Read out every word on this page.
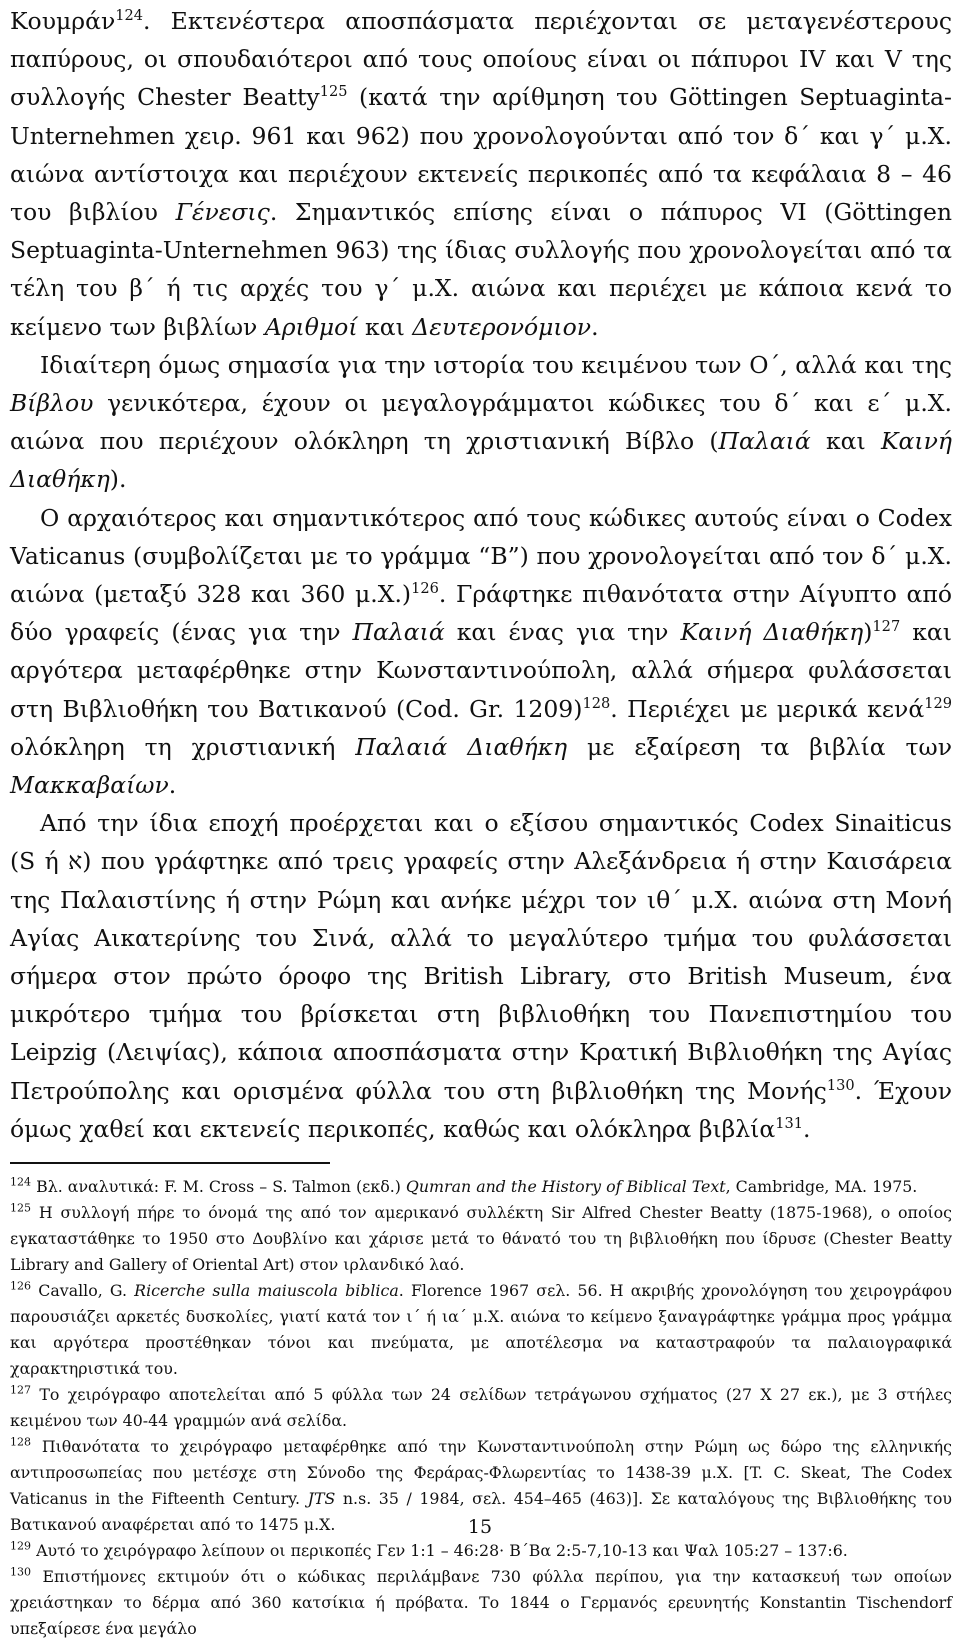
Κουμράν$^{124}$. Εκτενέστερα αποσπάσματα περιέχονται σε μεταγενέστερους παπύρους, οι σπουδαιότεροι από τους οποίους είναι οι πάπυροι IV και V της συλλογής Chester Beatty$^{125}$ (κατά την αρίθμηση του Göttingen Septuaginta-Unternehmen χειρ. 961 και 962) που χρονολογούνται από τον δ΄ και γ΄ μ.Χ. αιώνα αντίστοιχα και περιέχουν εκτενείς περικοπές από τα κεφάλαια 8 – 46 του βιβλίου Γένεσις. Σημαντικός επίσης είναι ο πάπυρος VI (Göttingen Septuaginta-Unternehmen 963) της ίδιας συλλογής που χρονολογείται από τα τέλη του β΄ ή τις αρχές του γ΄ μ.Χ. αιώνα και περιέχει με κάποια κενά το κείμενο των βιβλίων Αριθμοί και Δευτερονόμιον.

Ιδιαίτερη όμως σημασία για την ιστορία του κειμένου των Ο΄, αλλά και της Βίβλου γενικότερα, έχουν οι μεγαλογράμματοι κώδικες του δ΄ και ε΄ μ.Χ. αιώνα που περιέχουν ολόκληρη τη χριστιανική Βίβλο (Παλαιά και Καινή Διαθήκη).

Ο αρχαιότερος και σημαντικότερος από τους κώδικες αυτούς είναι ο Codex Vaticanus (συμβολίζεται με το γράμμα “B”) που χρονολογείται από τον δ΄ μ.Χ. αιώνα (μεταξύ 328 και 360 μ.Χ.)$^{126}$. Γράφτηκε πιθανότατα στην Αίγυπτο από δύο γραφείς (ένας για την Παλαιά και ένας για την Καινή Διαθήκη)$^{127}$ και αργότερα μεταφέρθηκε στην Κωνσταντινούπολη, αλλά σήμερα φυλάσσεται στη Βιβλιοθήκη του Βατικανού (Cod. Gr. 1209)$^{128}$. Περιέχει με μερικά κενά$^{129}$ ολόκληρη τη χριστιανική Παλαιά Διαθήκη με εξαίρεση τα βιβλία των Μακκαβαίων.

Από την ίδια εποχή προέρχεται και ο εξίσου σημαντικός Codex Sinaiticus (S ή א) που γράφτηκε από τρεις γραφείς στην Αλεξάνδρεια ή στην Καισάρεια της Παλαιστίνης ή στην Ρώμη και ανήκε μέχρι τον ιθ΄ μ.Χ. αιώνα στη Μονή Αγίας Αικατερίνης του Σινά, αλλά το μεγαλύτερο τμήμα του φυλάσσεται σήμερα στον πρώτο όροφο της British Library, στο British Museum, ένα μικρότερο τμήμα του βρίσκεται στη βιβλιοθήκη του Πανεπιστημίου του Leipzig (Λειψίας), κάποια αποσπάσματα στην Κρατική Βιβλιοθήκη της Αγίας Πετρούπολης και ορισμένα φύλλα του στη βιβλιοθήκη της Μονής$^{130}$. Έχουν όμως χαθεί και εκτενείς περικοπές, καθώς και ολόκληρα βιβλία$^{131}$.

$^{124}$ Βλ. αναλυτικά: F. M. Cross – S. Talmon (εκδ.) Qumran and the History of Biblical Text, Cambridge, MA. 1975.

$^{125}$ Η συλλογή πήρε το όνομά της από τον αμερικανό συλλέκτη Sir Alfred Chester Beatty (1875-1968), ο οποίος εγκαταστάθηκε το 1950 στο Δουβλίνο και χάρισε μετά το θάνατό του τη βιβλιοθήκη που ίδρυσε (Chester Beatty Library and Gallery of Oriental Art) στον ιρλανδικό λαό.

$^{126}$ Cavallo, G. Ricerche sulla maiuscola biblica. Florence 1967 σελ. 56. Η ακριβής χρονολόγηση του χειρογράφου παρουσιάζει αρκετές δυσκολίες, γιατί κατά τον ι΄ ή ια΄ μ.Χ. αιώνα το κείμενο ξαναγράφτηκε γράμμα προς γράμμα και αργότερα προστέθηκαν τόνοι και πνεύματα, με αποτέλεσμα να καταστραφούν τα παλαιογραφικά χαρακτηριστικά του.

$^{127}$ Το χειρόγραφο αποτελείται από 5 φύλλα των 24 σελίδων τετράγωνου σχήματος (27 Χ 27 εκ.), με 3 στήλες κειμένου των 40-44 γραμμών ανά σελίδα.

$^{128}$ Πιθανότατα το χειρόγραφο μεταφέρθηκε από την Κωνσταντινούπολη στην Ρώμη ως δώρο της ελληνικής αντιπροσωπείας που μετέσχε στη Σύνοδο της Φεράρας-Φλωρεντίας το 1438-39 μ.Χ. [T. C. Skeat, The Codex Vaticanus in the Fifteenth Century. JTS n.s. 35 / 1984, σελ. 454–465 (463)]. Σε καταλόγους της Βιβλιοθήκης του Βατικανού αναφέρεται από το 1475 μ.Χ.

$^{129}$ Αυτό το χειρόγραφο λείπουν οι περικοπές Γεν 1:1 – 46:28· Β΄Βα 2:5-7,10-13 και Ψαλ 105:27 – 137:6.

$^{130}$ Επιστήμονες εκτιμούν ότι ο κώδικας περιλάμβανε 730 φύλλα περίπου, για την κατασκευή των οποίων χρειάστηκαν το δέρμα από 360 κατσίκια ή πρόβατα. Το 1844 ο Γερμανός ερευνητής Konstantin Tischendorf υπεξαίρεσε ένα μεγάλο

15
